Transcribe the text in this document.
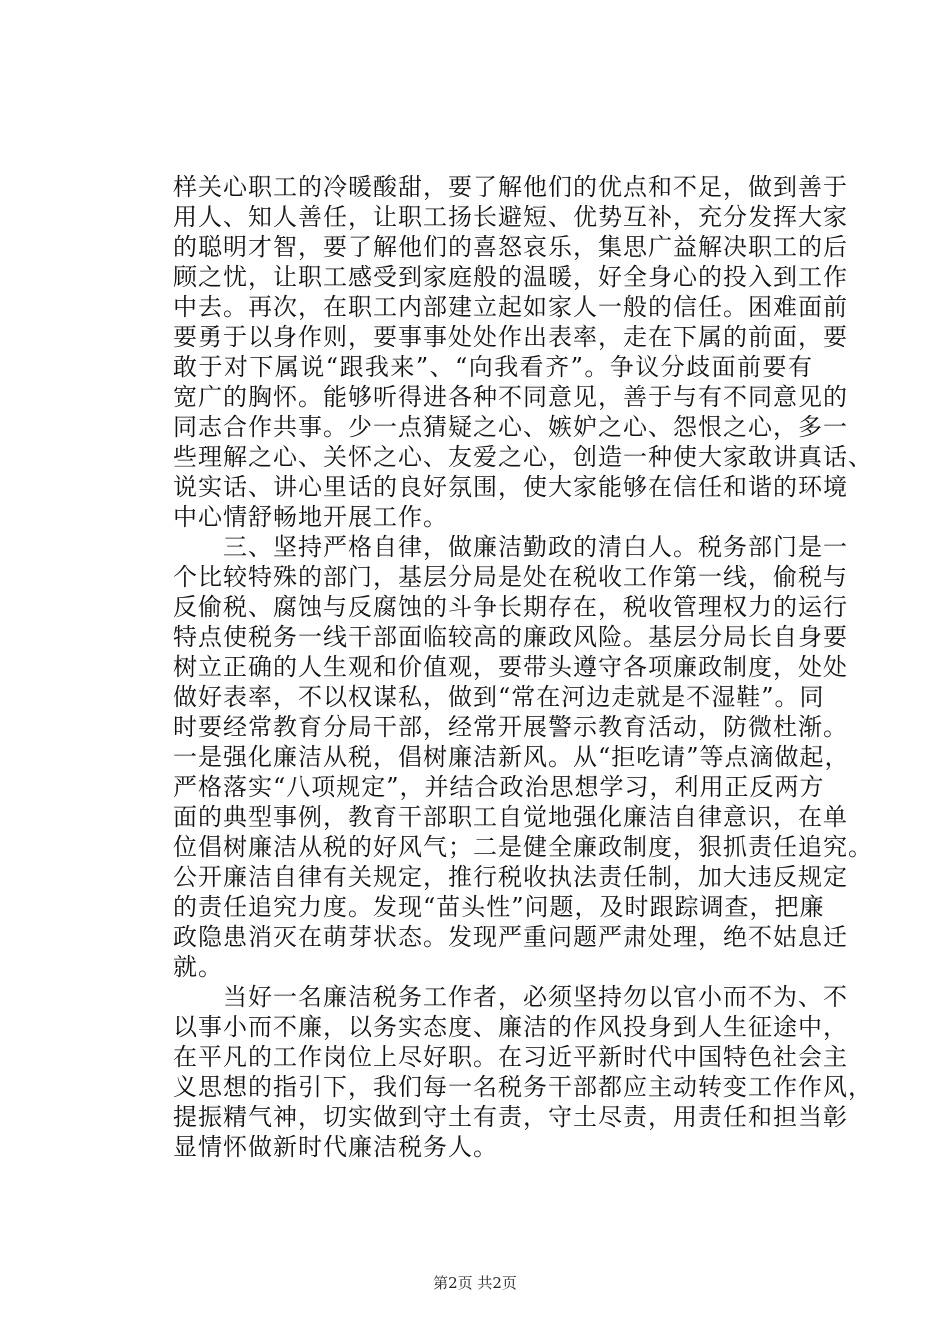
样关心职工的冷暖酸甜，要了解他们的优点和不足，做到善于
用人、知人善任，让职工扬长避短、优势互补，充分发挥大家
的聪明才智，要了解他们的喜怒哀乐，集思广益解决职工的后
顾之忧，让职工感受到家庭般的温暖，好全身心的投入到工作
中去。再次，在职工内部建立起如家人一般的信任。困难面前
要勇于以身作则，要事事处处作出表率，走在下属的前面，要
敢于对下属说“跟我来”、“向我看齐”。争议分歧面前要有
宽广的胸怀。能够听得进各种不同意见，善于与有不同意见的
同志合作共事。少一点猜疑之心、嫉妒之心、怨恨之心，多一
些理解之心、关怀之心、友爱之心，创造一种使大家敢讲真话、
说实话、讲心里话的良好氛围，使大家能够在信任和谐的环境
中心情舒畅地开展工作。
三、坚持严格自律，做廉洁勤政的清白人。税务部门是一
个比较特殊的部门，基层分局是处在税收工作第一线，偷税与
反偷税、腐蚀与反腐蚀的斗争长期存在，税收管理权力的运行
特点使税务一线干部面临较高的廉政风险。基层分局长自身要
树立正确的人生观和价值观，要带头遵守各项廉政制度，处处
做好表率，不以权谋私，做到“常在河边走就是不湿鞋”。同
时要经常教育分局干部，经常开展警示教育活动，防微杜渐。
一是强化廉洁从税，倡树廉洁新风。从“拒吃请”等点滴做起，
严格落实“八项规定”，并结合政治思想学习，利用正反两方
面的典型事例，教育干部职工自觉地强化廉洁自律意识，在单
位倡树廉洁从税的好风气；二是健全廉政制度，狠抓责任追究。
公开廉洁自律有关规定，推行税收执法责任制，加大违反规定
的责任追究力度。发现“苗头性”问题，及时跟踪调查，把廉
政隐患消灭在萌芽状态。发现严重问题严肃处理，绝不姑息迁
就。
当好一名廉洁税务工作者，必须坚持勿以官小而不为、不
以事小而不廉，以务实态度、廉洁的作风投身到人生征途中，
在平凡的工作岗位上尽好职。在习近平新时代中国特色社会主
义思想的指引下，我们每一名税务干部都应主动转变工作作风，
提振精气神，切实做到守土有责，守土尽责，用责任和担当彰
显情怀做新时代廉洁税务人。
第2页 共2页
